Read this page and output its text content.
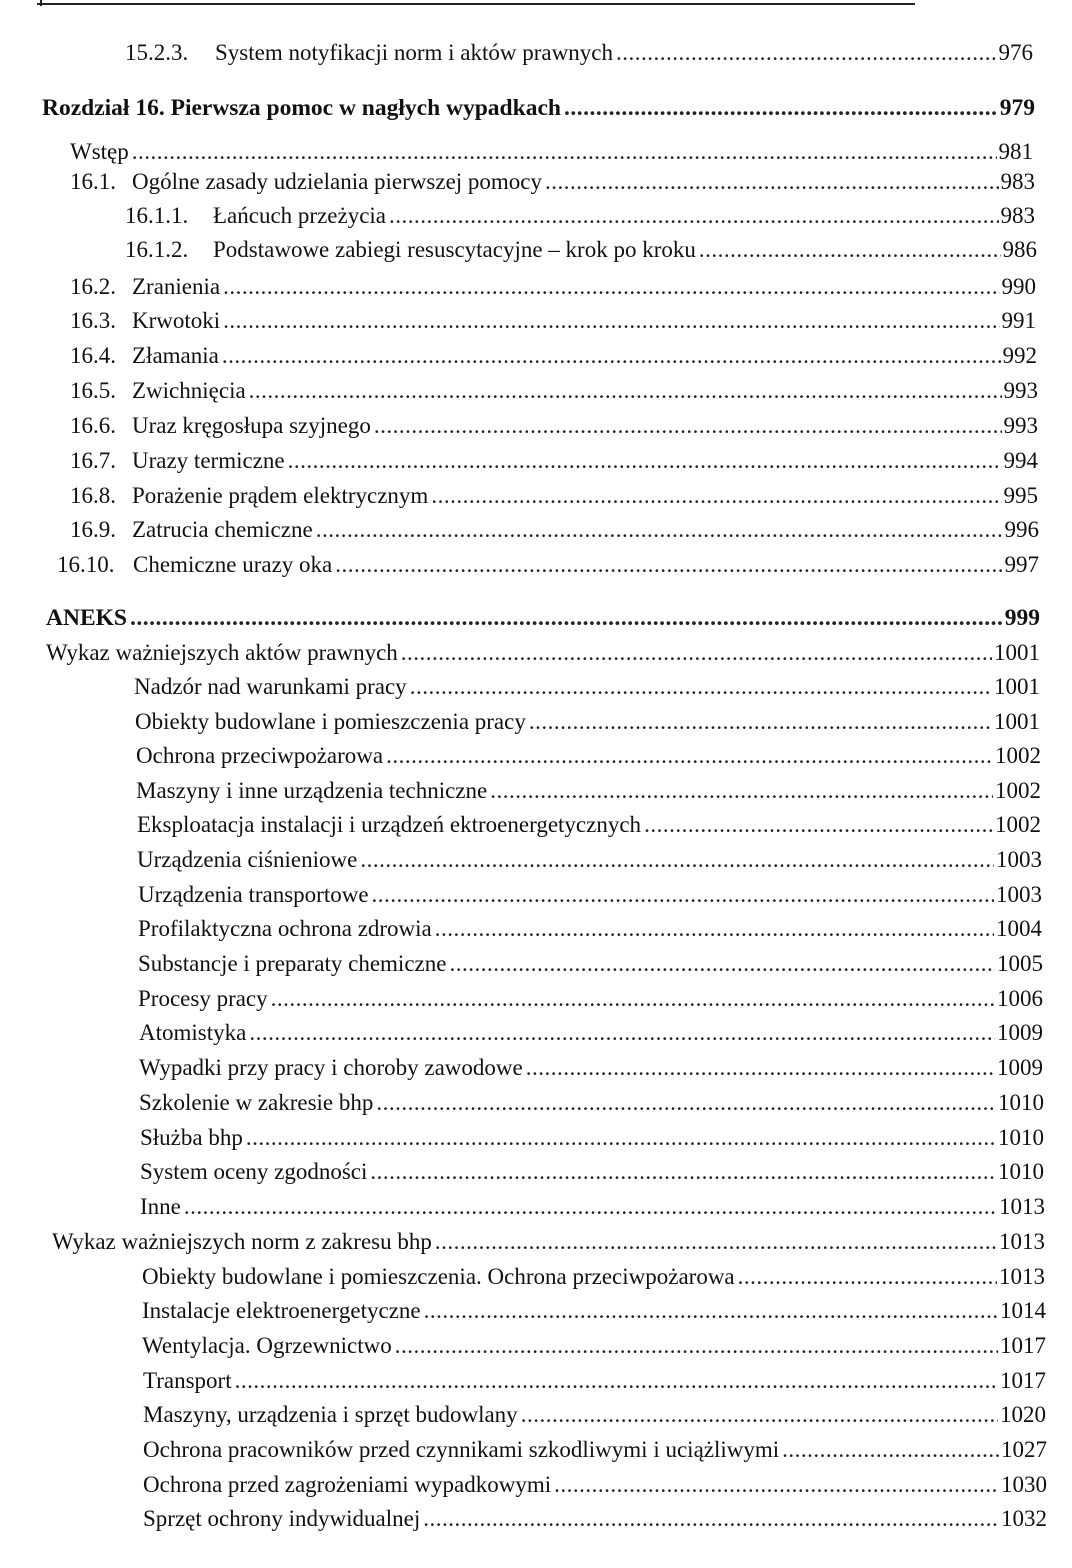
15.2.3.	System notyfikacji norm i aktów prawnych .....	976
Rozdział 16. Pierwsza pomoc w nagłych wypadkach .....	979
Wstęp .....	981
16.1. Ogólne zasady udzielania pierwszej pomocy .....	983
16.1.1.	Łańcuch przeżycia .....	983
16.1.2.	Podstawowe zabiegi resuscytacyjne – krok po kroku .....	986
16.2. Zranienia .....	990
16.3. Krwotoki .....	991
16.4. Złamania .....	992
16.5. Zwichnięcia .....	993
16.6. Uraz kręgosłupa szyjnego .....	993
16.7. Urazy termiczne .....	994
16.8. Porażenie prądem elektrycznym .....	995
16.9. Zatrucia chemiczne .....	996
16.10. Chemiczne urazy oka .....	997
ANEKS .....	999
Wykaz ważniejszych aktów prawnych .....	1001
Nadzór nad warunkami pracy .....	1001
Obiekty budowlane i pomieszczenia pracy .....	1001
Ochrona przeciwpożarowa .....	1002
Maszyny i inne urządzenia techniczne .....	1002
Eksploatacja instalacji i urządzeń ektroenergetycznych .....	1002
Urządzenia ciśnieniowe .....	1003
Urządzenia transportowe .....	1003
Profilaktyczna ochrona zdrowia .....	1004
Substancje i preparaty chemiczne .....	1005
Procesy pracy .....	1006
Atomistyka .....	1009
Wypadki przy pracy i choroby zawodowe .....	1009
Szkolenie w zakresie bhp .....	1010
Służba bhp .....	1010
System oceny zgodności .....	1010
Inne .....	1013
Wykaz ważniejszych norm z zakresu bhp .....	1013
Obiekty budowlane i pomieszczenia. Ochrona przeciwpożarowa .....	1013
Instalacje elektroenergetyczne .....	1014
Wentylacja. Ogrzewnictwo .....	1017
Transport .....	1017
Maszyny, urządzenia i sprzęt budowlany .....	1020
Ochrona pracowników przed czynnikami szkodliwymi i uciążliwymi .....	1027
Ochrona przed zagrożeniami wypadkowymi .....	1030
Sprzęt ochrony indywidualnej .....	1032
